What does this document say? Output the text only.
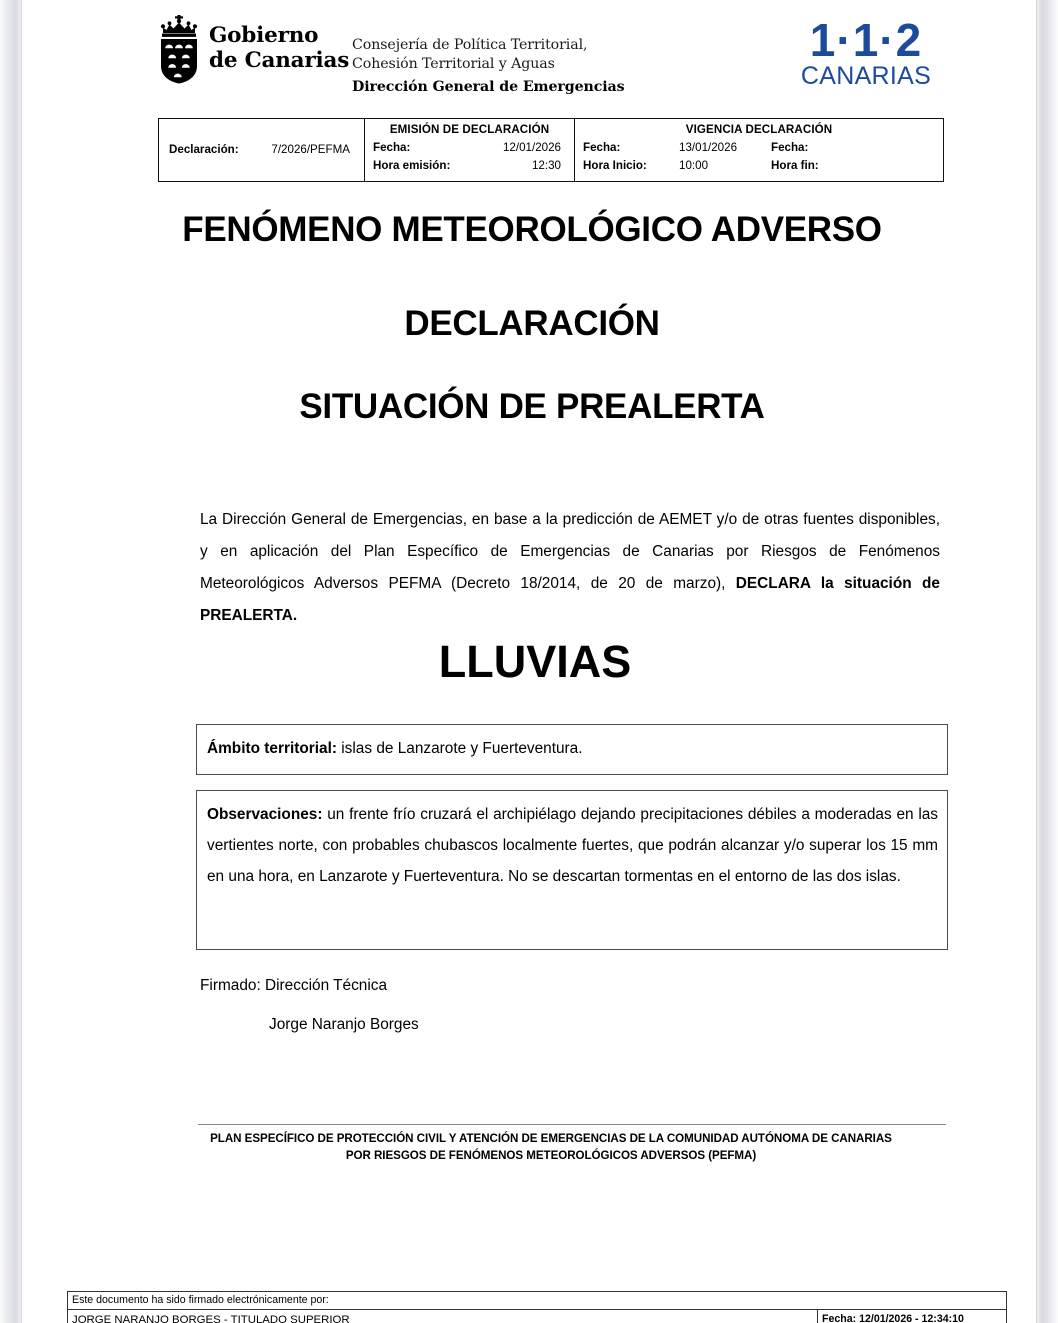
Gobierno
de Canarias
Consejería de Política Territorial,
Cohesión Territorial y Aguas
Dirección General de Emergencias
1·1·2
CANARIAS
Declaración:	7/2026/PEFMA
EMISIÓN DE DECLARACIÓN
Fecha:	12/01/2026
Hora emisión:	12:30
VIGENCIA DECLARACIÓN
Fecha:	13/01/2026	Fecha:
Hora Inicio:	10:00	Hora fin:
FENÓMENO METEOROLÓGICO ADVERSO
DECLARACIÓN
SITUACIÓN DE PREALERTA
La Dirección General de Emergencias, en base a la predicción de AEMET y/o de otras fuentes disponibles, y en aplicación del Plan Específico de Emergencias de Canarias por Riesgos de Fenómenos Meteorológicos Adversos PEFMA (Decreto 18/2014, de 20 de marzo), DECLARA la situación de PREALERTA.
LLUVIAS
Ámbito territorial: islas de Lanzarote y Fuerteventura.
Observaciones: un frente frío cruzará el archipiélago dejando precipitaciones débiles a moderadas en las vertientes norte, con probables chubascos localmente fuertes, que podrán alcanzar y/o superar los 15 mm en una hora, en Lanzarote y Fuerteventura. No se descartan tormentas en el entorno de las dos islas.
Firmado: Dirección Técnica
Jorge Naranjo Borges
PLAN ESPECÍFICO DE PROTECCIÓN CIVIL Y ATENCIÓN DE EMERGENCIAS DE LA COMUNIDAD AUTÓNOMA DE CANARIAS
POR RIESGOS DE FENÓMENOS METEOROLÓGICOS ADVERSOS (PEFMA)
Este documento ha sido firmado electrónicamente por:
JORGE NARANJO BORGES - TITULADO SUPERIOR	Fecha: 12/01/2026 - 12:34:10
